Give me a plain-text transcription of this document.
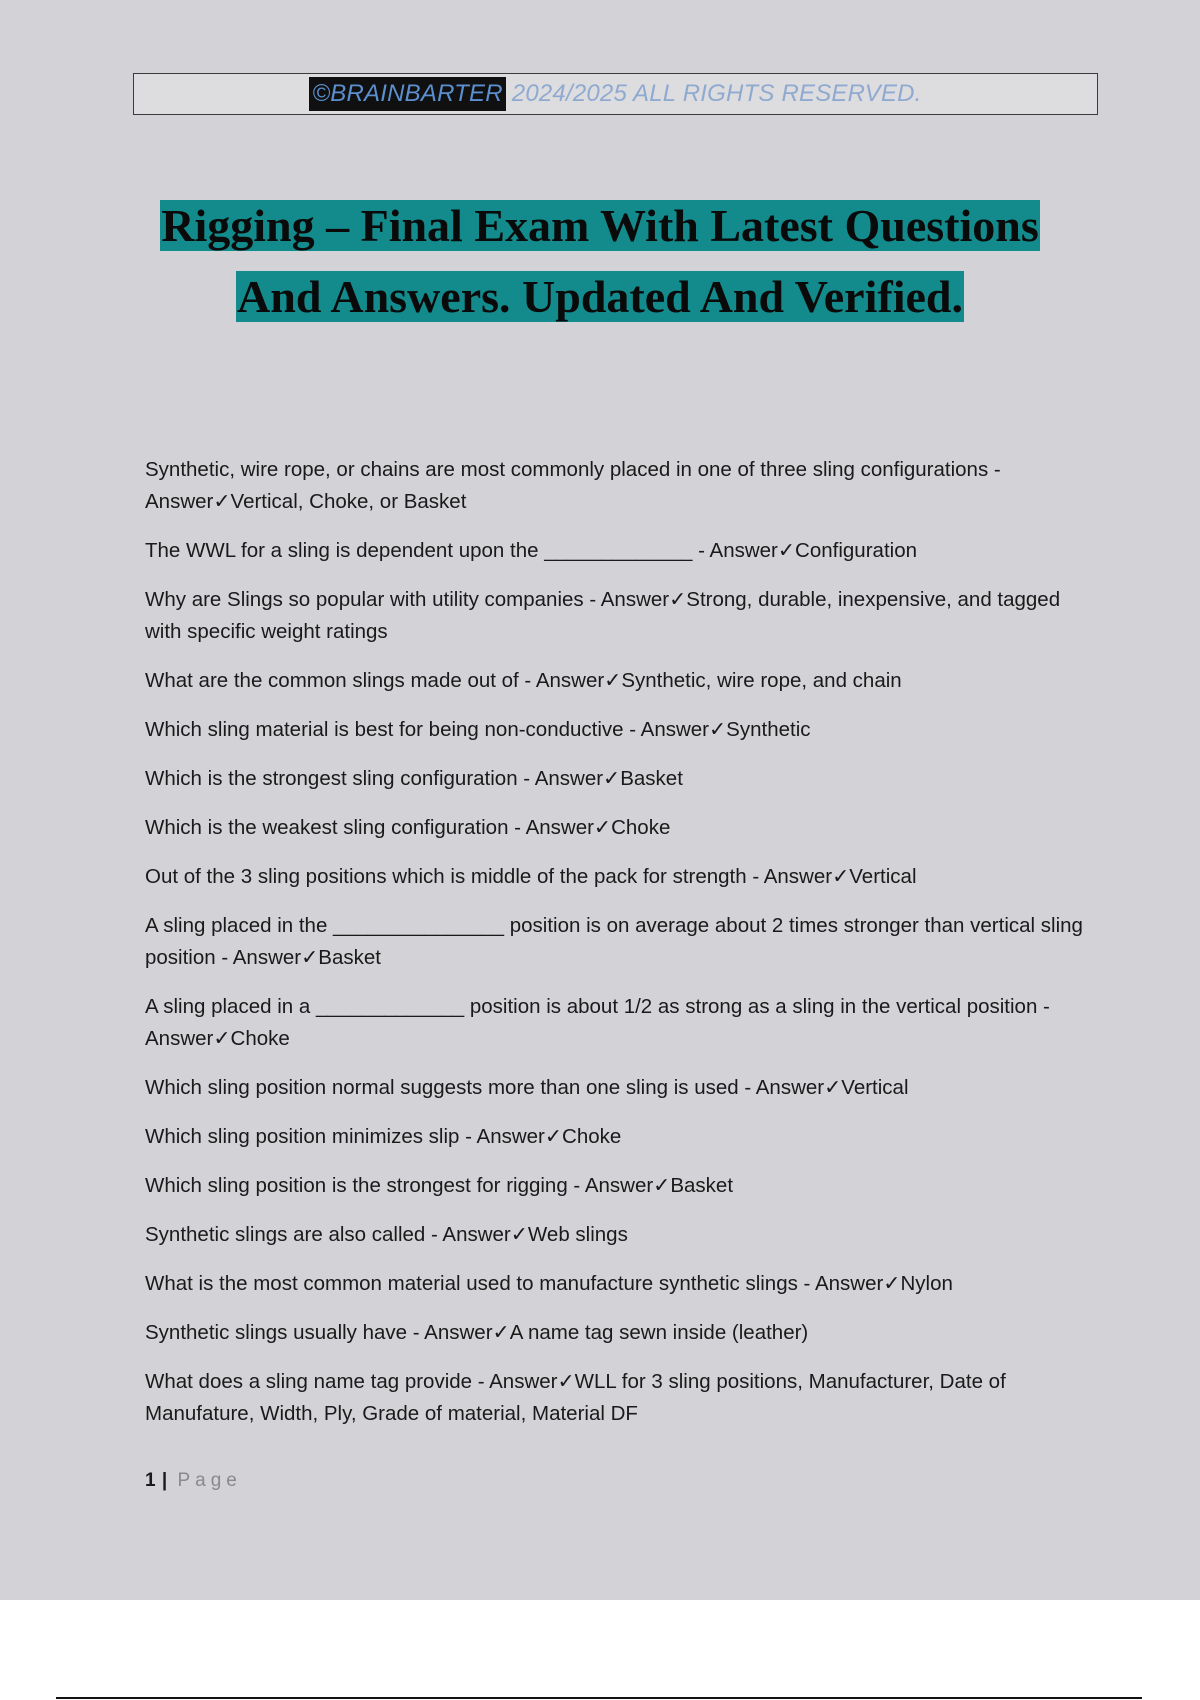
©BRAINBARTER 2024/2025 ALL RIGHTS RESERVED.

Rigging – Final Exam With Latest Questions

And Answers. Updated And Verified.

Synthetic, wire rope, or chains are most commonly placed in one of three sling configurations - Answer✓Vertical, Choke, or Basket
The WWL for a sling is dependent upon the _____________ - Answer✓Configuration
Why are Slings so popular with utility companies - Answer✓Strong, durable, inexpensive, and tagged with specific weight ratings
What are the common slings made out of - Answer✓Synthetic, wire rope, and chain
Which sling material is best for being non-conductive - Answer✓Synthetic
Which is the strongest sling configuration - Answer✓Basket
Which is the weakest sling configuration - Answer✓Choke
Out of the 3 sling positions which is middle of the pack for strength - Answer✓Vertical
A sling placed in the _______________ position is on average about 2 times stronger than vertical sling position - Answer✓Basket
A sling placed in a _____________ position is about 1/2 as strong as a sling in the vertical position - Answer✓Choke
Which sling position normal suggests more than one sling is used - Answer✓Vertical
Which sling position minimizes slip - Answer✓Choke
Which sling position is the strongest for rigging - Answer✓Basket
Synthetic slings are also called - Answer✓Web slings
What is the most common material used to manufacture synthetic slings - Answer✓Nylon
Synthetic slings usually have - Answer✓A name tag sewn inside (leather)
What does a sling name tag provide - Answer✓WLL for 3 sling positions, Manufacturer, Date of Manufature, Width, Ply, Grade of material, Material DF
1 | Page
